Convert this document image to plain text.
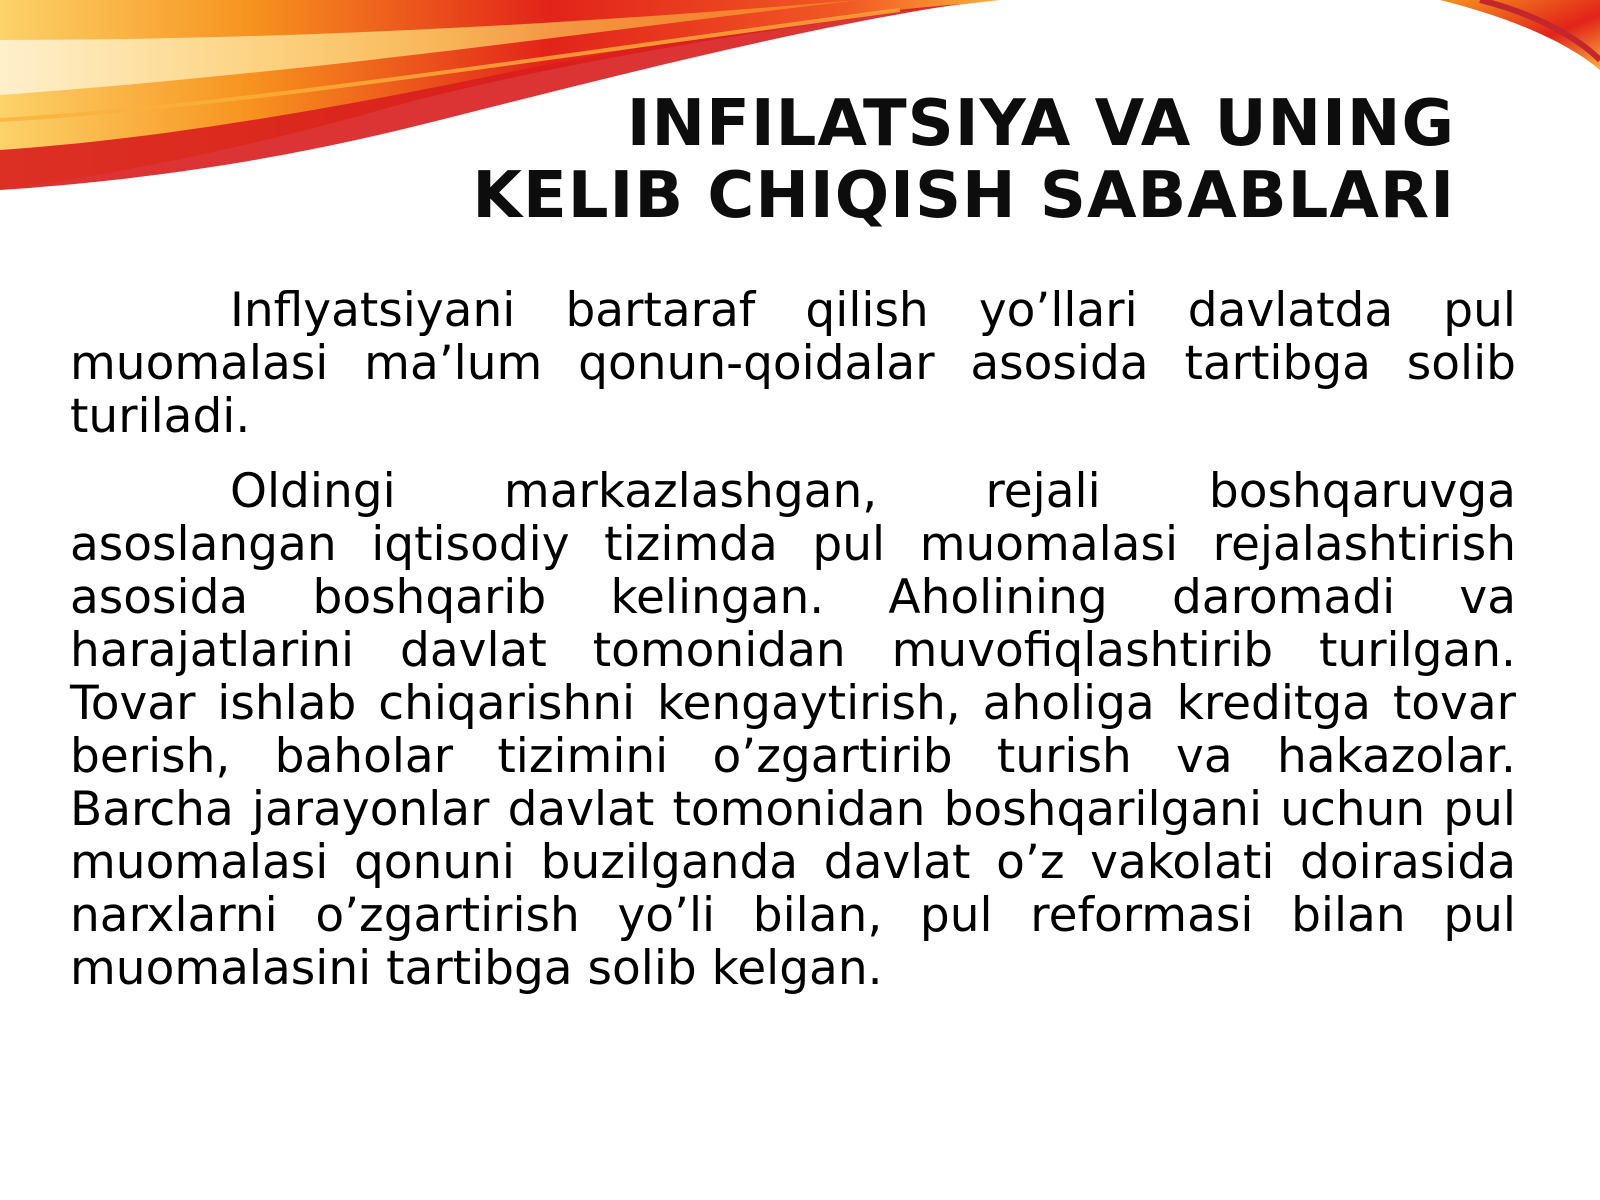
INFILATSIYA VA UNING
KELIB CHIQISH SABABLARI

Inflyatsiyani bartaraf qilish yo’llari davlatda pul muomalasi ma’lum qonun-qoidalar asosida tartibga solib turiladi.

Oldingi markazlashgan, rejali boshqaruvga asoslangan iqtisodiy tizimda pul muomalasi rejalashtirish asosida boshqarib kelingan. Aholining daromadi va harajatlarini davlat tomonidan muvofiqlashtirib turilgan. Tovar ishlab chiqarishni kengaytirish, aholiga kreditga tovar berish, baholar tizimini o’zgartirib turish va hakazolar. Barcha jarayonlar davlat tomonidan boshqarilgani uchun pul muomalasi qonuni buzilganda davlat o’z vakolati doirasida narxlarni o’zgartirish yo’li bilan, pul reformasi bilan pul muomalasini tartibga solib kelgan.
